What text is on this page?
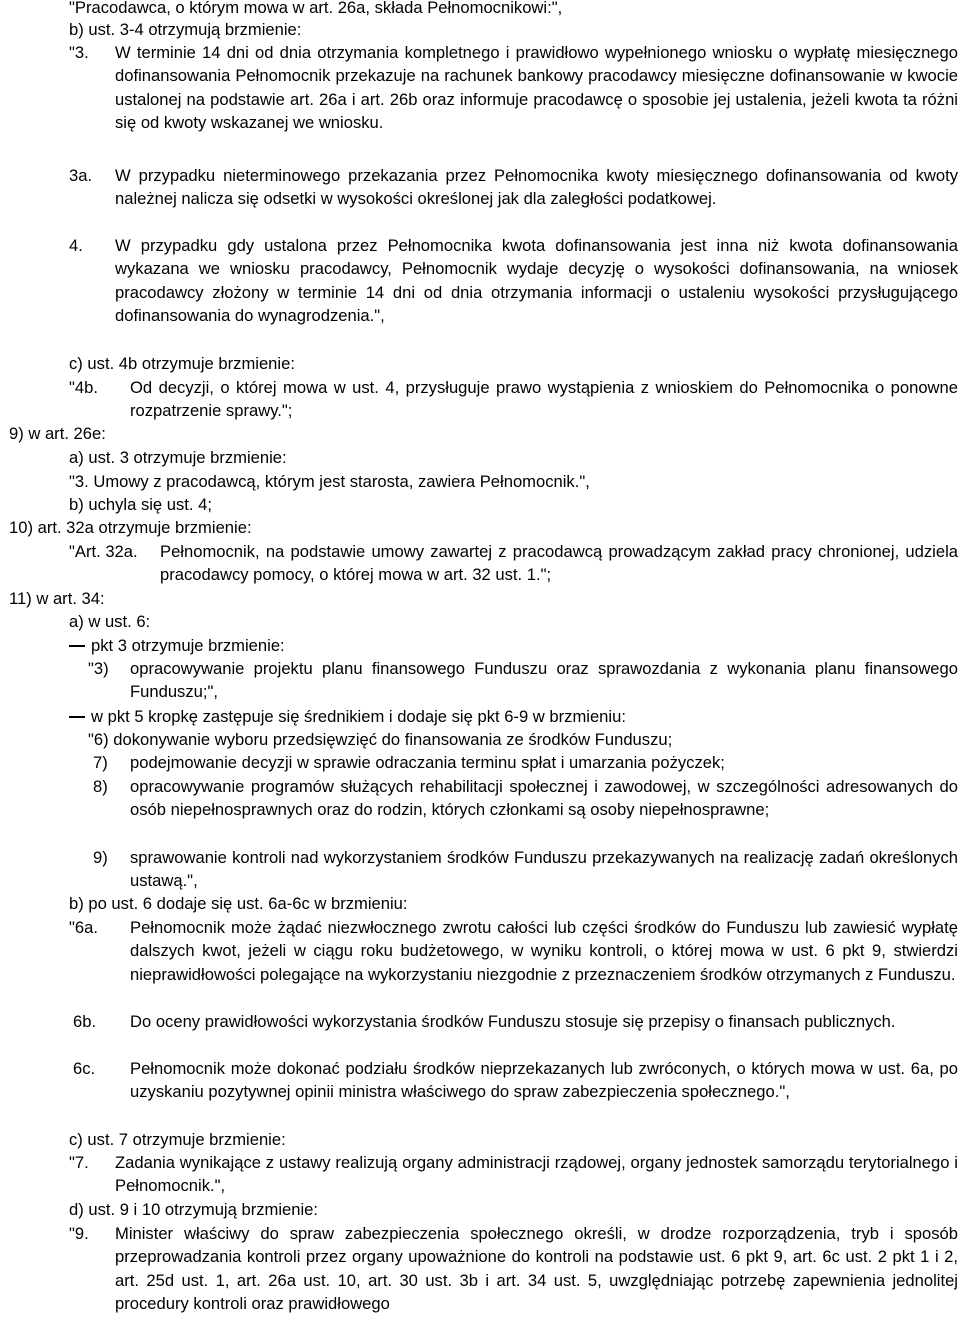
"Pracodawca, o którym mowa w art. 26a, składa Pełnomocnikowi:",
b) ust. 3-4 otrzymują brzmienie:
"3. W terminie 14 dni od dnia otrzymania kompletnego i prawidłowo wypełnionego wniosku o wypłatę miesięcznego dofinansowania Pełnomocnik przekazuje na rachunek bankowy pracodawcy miesięczne dofinansowanie w kwocie ustalonej na podstawie art. 26a i art. 26b oraz informuje pracodawcę o sposobie jej ustalenia, jeżeli kwota ta różni się od kwoty wskazanej we wniosku.
3a. W przypadku nieterminowego przekazania przez Pełnomocnika kwoty miesięcznego dofinansowania od kwoty należnej nalicza się odsetki w wysokości określonej jak dla zaległości podatkowej.
4. W przypadku gdy ustalona przez Pełnomocnika kwota dofinansowania jest inna niż kwota dofinansowania wykazana we wniosku pracodawcy, Pełnomocnik wydaje decyzję o wysokości dofinansowania, na wniosek pracodawcy złożony w terminie 14 dni od dnia otrzymania informacji o ustaleniu wysokości przysługującego dofinansowania do wynagrodzenia.",
c) ust. 4b otrzymuje brzmienie:
"4b. Od decyzji, o której mowa w ust. 4, przysługuje prawo wystąpienia z wnioskiem do Pełnomocnika o ponowne rozpatrzenie sprawy.";
9) w art. 26e:
a) ust. 3 otrzymuje brzmienie:
"3. Umowy z pracodawcą, którym jest starosta, zawiera Pełnomocnik.",
b) uchyla się ust. 4;
10) art. 32a otrzymuje brzmienie:
"Art. 32a. Pełnomocnik, na podstawie umowy zawartej z pracodawcą prowadzącym zakład pracy chronionej, udziela pracodawcy pomocy, o której mowa w art. 32 ust. 1.";
11) w art. 34:
a) w ust. 6:
pkt 3 otrzymuje brzmienie:
"3) opracowywanie projektu planu finansowego Funduszu oraz sprawozdania z wykonania planu finansowego Funduszu;",
w pkt 5 kropkę zastępuje się średnikiem i dodaje się pkt 6-9 w brzmieniu:
"6) dokonywanie wyboru przedsięwzięć do finansowania ze środków Funduszu;
7) podejmowanie decyzji w sprawie odraczania terminu spłat i umarzania pożyczek;
8) opracowywanie programów służących rehabilitacji społecznej i zawodowej, w szczególności adresowanych do osób niepełnosprawnych oraz do rodzin, których członkami są osoby niepełnosprawne;
9) sprawowanie kontroli nad wykorzystaniem środków Funduszu przekazywanych na realizację zadań określonych ustawą.",
b) po ust. 6 dodaje się ust. 6a-6c w brzmieniu:
"6a. Pełnomocnik może żądać niezwłocznego zwrotu całości lub części środków do Funduszu lub zawiesić wypłatę dalszych kwot, jeżeli w ciągu roku budżetowego, w wyniku kontroli, o której mowa w ust. 6 pkt 9, stwierdzi nieprawidłowości polegające na wykorzystaniu niezgodnie z przeznaczeniem środków otrzymanych z Funduszu.
6b. Do oceny prawidłowości wykorzystania środków Funduszu stosuje się przepisy o finansach publicznych.
6c. Pełnomocnik może dokonać podziału środków nieprzekazanych lub zwróconych, o których mowa w ust. 6a, po uzyskaniu pozytywnej opinii ministra właściwego do spraw zabezpieczenia społecznego.",
c) ust. 7 otrzymuje brzmienie:
"7. Zadania wynikające z ustawy realizują organy administracji rządowej, organy jednostek samorządu terytorialnego i Pełnomocnik.",
d) ust. 9 i 10 otrzymują brzmienie:
"9. Minister właściwy do spraw zabezpieczenia społecznego określi, w drodze rozporządzenia, tryb i sposób przeprowadzania kontroli przez organy upoważnione do kontroli na podstawie ust. 6 pkt 9, art. 6c ust. 2 pkt 1 i 2, art. 25d ust. 1, art. 26a ust. 10, art. 30 ust. 3b i art. 34 ust. 5, uwzględniając potrzebę zapewnienia jednolitej procedury kontroli oraz prawidłowego
